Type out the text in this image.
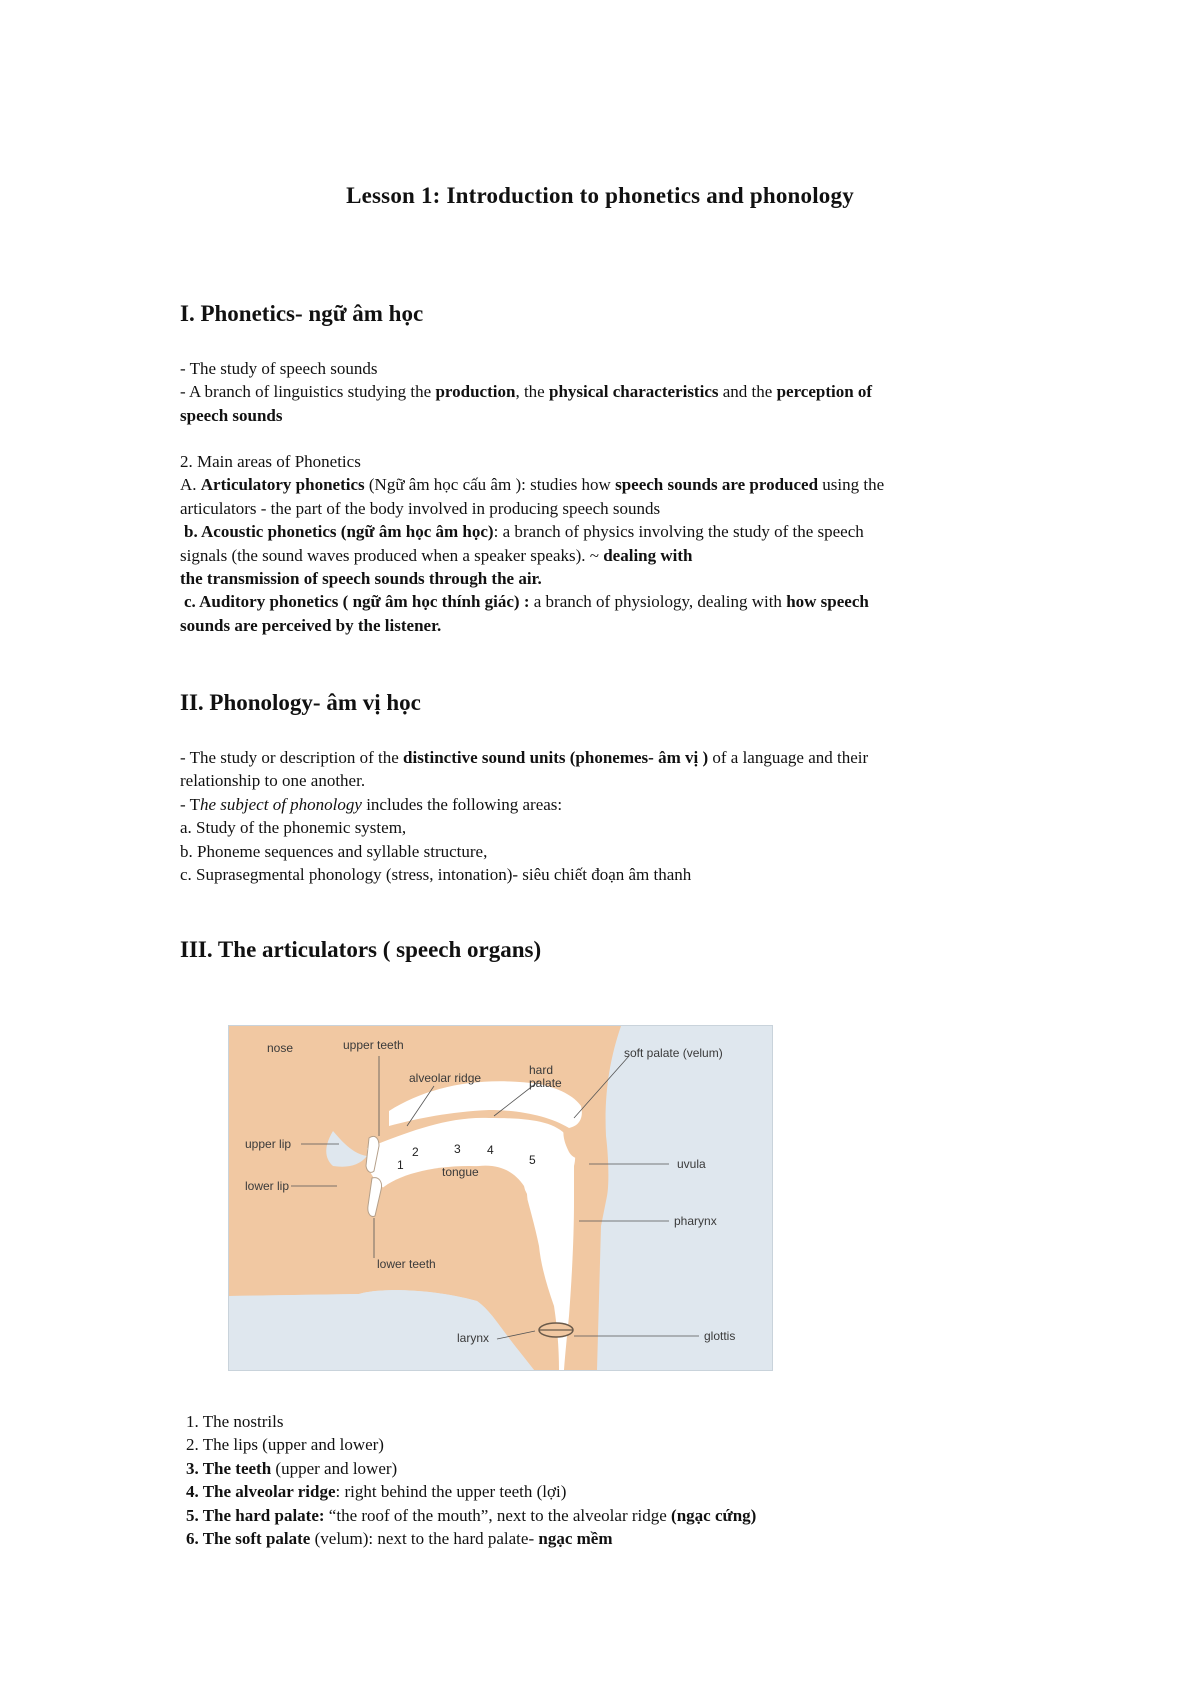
Lesson 1: Introduction to phonetics and phonology
I. Phonetics- ngữ âm học
- The study of speech sounds
- A branch of linguistics studying the production, the physical characteristics and the perception of
speech sounds
2. Main areas of Phonetics
A. Articulatory phonetics (Ngữ âm học cấu âm ): studies how speech sounds are produced using the
articulators - the part of the body involved in producing speech sounds
b. Acoustic phonetics (ngữ âm học âm học): a branch of physics involving the study of the speech
signals (the sound waves produced when a speaker speaks). ~ dealing with
the transmission of speech sounds through the air.
c. Auditory phonetics ( ngữ âm học thính giác) : a branch of physiology, dealing with how speech
sounds are perceived by the listener.
II. Phonology- âm vị học
- The study or description of the distinctive sound units (phonemes- âm vị ) of a language and their
relationship to one another.
- The subject of phonology includes the following areas:
a. Study of the phonemic system,
b. Phoneme sequences and syllable structure,
c. Suprasegmental phonology (stress, intonation)- siêu chiết đoạn âm thanh
III. The articulators ( speech organs)
nose	upper teeth
alveolar ridge
hard
palate
soft palate (velum)
upper lip
lower lip
tongue
uvula
pharynx
lower teeth
larynx	glottis
1
2	3 4
5
1. The nostrils
2. The lips (upper and lower)
3. The teeth (upper and lower)
4. The alveolar ridge: right behind the upper teeth (lợi)
5. The hard palate: “the roof of the mouth”, next to the alveolar ridge (ngạc cứng)
6. The soft palate (velum): next to the hard palate- ngạc mềm
